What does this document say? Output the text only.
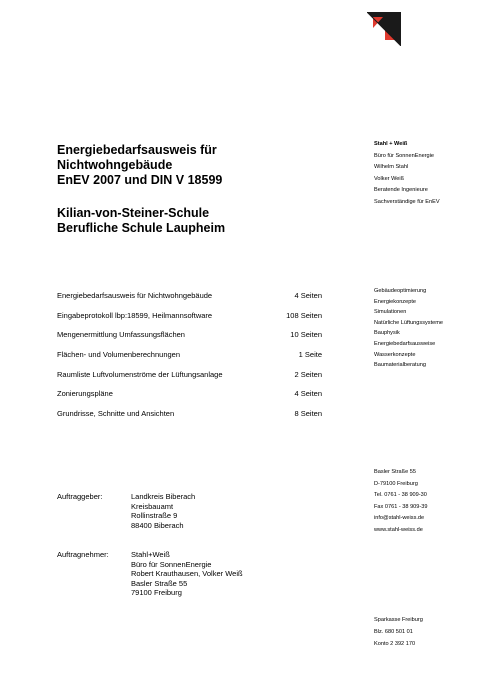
Energiebedarfsausweis für
Nichtwohngebäude
EnEV 2007 und DIN V 18599
Kilian-von-Steiner-Schule
Berufliche Schule Laupheim
Energiebedarfsausweis für Nichtwohngebäude	4 Seiten
Eingabeprotokoll lbp:18599, Heilmannsoftware	108 Seiten
Mengenermittlung Umfassungsflächen	10 Seiten
Flächen- und Volumenberechnungen	1 Seite
Raumliste Luftvolumenströme der Lüftungsanlage	2 Seiten
Zonierungspläne	4 Seiten
Grundrisse, Schnitte und Ansichten	8 Seiten
Auftraggeber:	Landkreis Biberach
Kreisbauamt
Rollinstraße 9
88400 Biberach
Auftragnehmer:	Stahl+Weiß
Büro für SonnenEnergie
Robert Krauthausen, Volker Weiß
Basler Straße 55
79100 Freiburg
Stahl + Weiß
Büro für SonnenEnergie
Wilhelm Stahl
Volker Weiß
Beratende Ingenieure
Sachverständige für EnEV
Gebäudeoptimierung
Energiekonzepte
Simulationen
Natürliche Lüftungssysteme
Bauphysik
Energiebedarfsausweise
Wasserkonzepte
Baumaterialberatung
Basler Straße 55
D-79100 Freiburg
Tel. 0761 - 38 909-30
Fax 0761 - 38 909-39
info@stahl-weiss.de
www.stahl-weiss.de
Sparkasse Freiburg
Blz. 680 501 01
Konto 2 392 170
